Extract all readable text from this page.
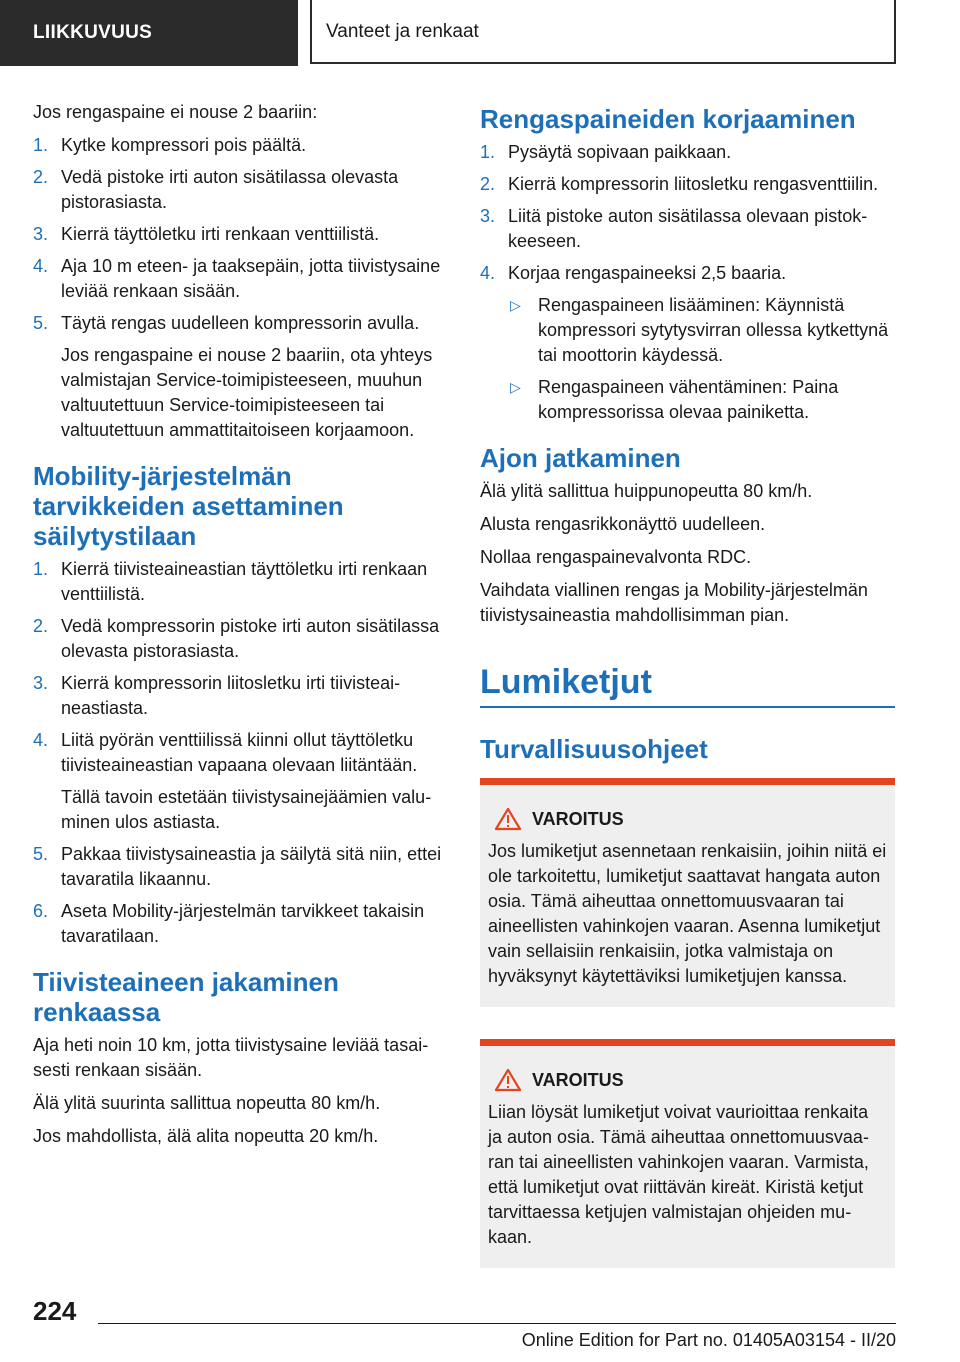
LIIKKUVUUS	Vanteet ja renkaat

Jos rengaspaine ei nouse 2 baariin:

1. Kytke kompressori pois päältä.
2. Vedä pistoke irti auton sisätilassa olevasta pistorasiasta.
3. Kierrä täyttöletku irti renkaan venttiilistä.
4. Aja 10 m eteen- ja taaksepäin, jotta tiivistysaine leviää renkaan sisään.
5. Täytä rengas uudelleen kompressorin avulla.
Jos rengaspaine ei nouse 2 baariin, ota yhteys valmistajan Service-toimipisteeseen, muuhun valtuutettuun Service-toimipisteeseen tai valtuutettuun ammattitaitoiseen korjaamoon.
Mobility-järjestelmän tarvikkeiden asettaminen säilytystilaan
1. Kierrä tiivisteaineastian täyttöletku irti renkaan venttiilistä.
2. Vedä kompressorin pistoke irti auton sisätilassa olevasta pistorasiasta.
3. Kierrä kompressorin liitosletku irti tiivisteaineastiasta.
4. Liitä pyörän venttiilissä kiinni ollut täyttöletku tiivisteaineastian vapaana olevaan liitäntään.
Tällä tavoin estetään tiivistysainejäämien valuminen ulos astiasta.
5. Pakkaa tiivistysaineastia ja säilytä sitä niin, ettei tavaratila likaannu.
6. Aseta Mobility-järjestelmän tarvikkeet takaisin tavaratilaan.
Tiivisteaineen jakaminen renkaassa

Aja heti noin 10 km, jotta tiivistysaine leviää tasaisesti renkaan sisään.

Älä ylitä suurinta sallittua nopeutta 80 km/h.

Jos mahdollista, älä alita nopeutta 20 km/h.

Rengaspaineiden korjaaminen
1. Pysäytä sopivaan paikkaan.
2. Kierrä kompressorin liitosletku rengasventtiilin.
3. Liitä pistoke auton sisätilassa olevaan pistokkeeseen.
4. Korjaa rengaspaineeksi 2,5 baaria.
▷ Rengaspaineen lisääminen: Käynnistä kompressori sytytysvirran ollessa kytkettynä tai moottorin käydessä.
▷ Rengaspaineen vähentäminen: Paina kompressorissa olevaa painiketta.
Ajon jatkaminen

Älä ylitä sallittua huippunopeutta 80 km/h.

Alusta rengasrikkonäyttö uudelleen.

Nollaa rengaspainevalvonta RDC.

Vaihdata viallinen rengas ja Mobility-järjestelmän tiivistysaineastia mahdollisimman pian.

Lumiketjut
Turvallisuusohjeet
VAROITUS
Jos lumiketjut asennetaan renkaisiin, joihin niitä ei ole tarkoitettu, lumiketjut saattavat hangata auton osia. Tämä aiheuttaa onnettomuusvaaran tai aineellisten vahinkojen vaaran. Asenna lumiketjut vain sellaisiin renkaisiin, jotka valmistaja on hyväksynyt käytettäviksi lumiketjujen kanssa.
VAROITUS
Liian löysät lumiketjut voivat vaurioittaa renkaita ja auton osia. Tämä aiheuttaa onnettomuusvaaran tai aineellisten vahinkojen vaaran. Varmista, että lumiketjut ovat riittävän kireät. Kiristä ketjut tarvittaessa ketjujen valmistajan ohjeiden mukaan.
224
Online Edition for Part no. 01405A03154 - II/20
